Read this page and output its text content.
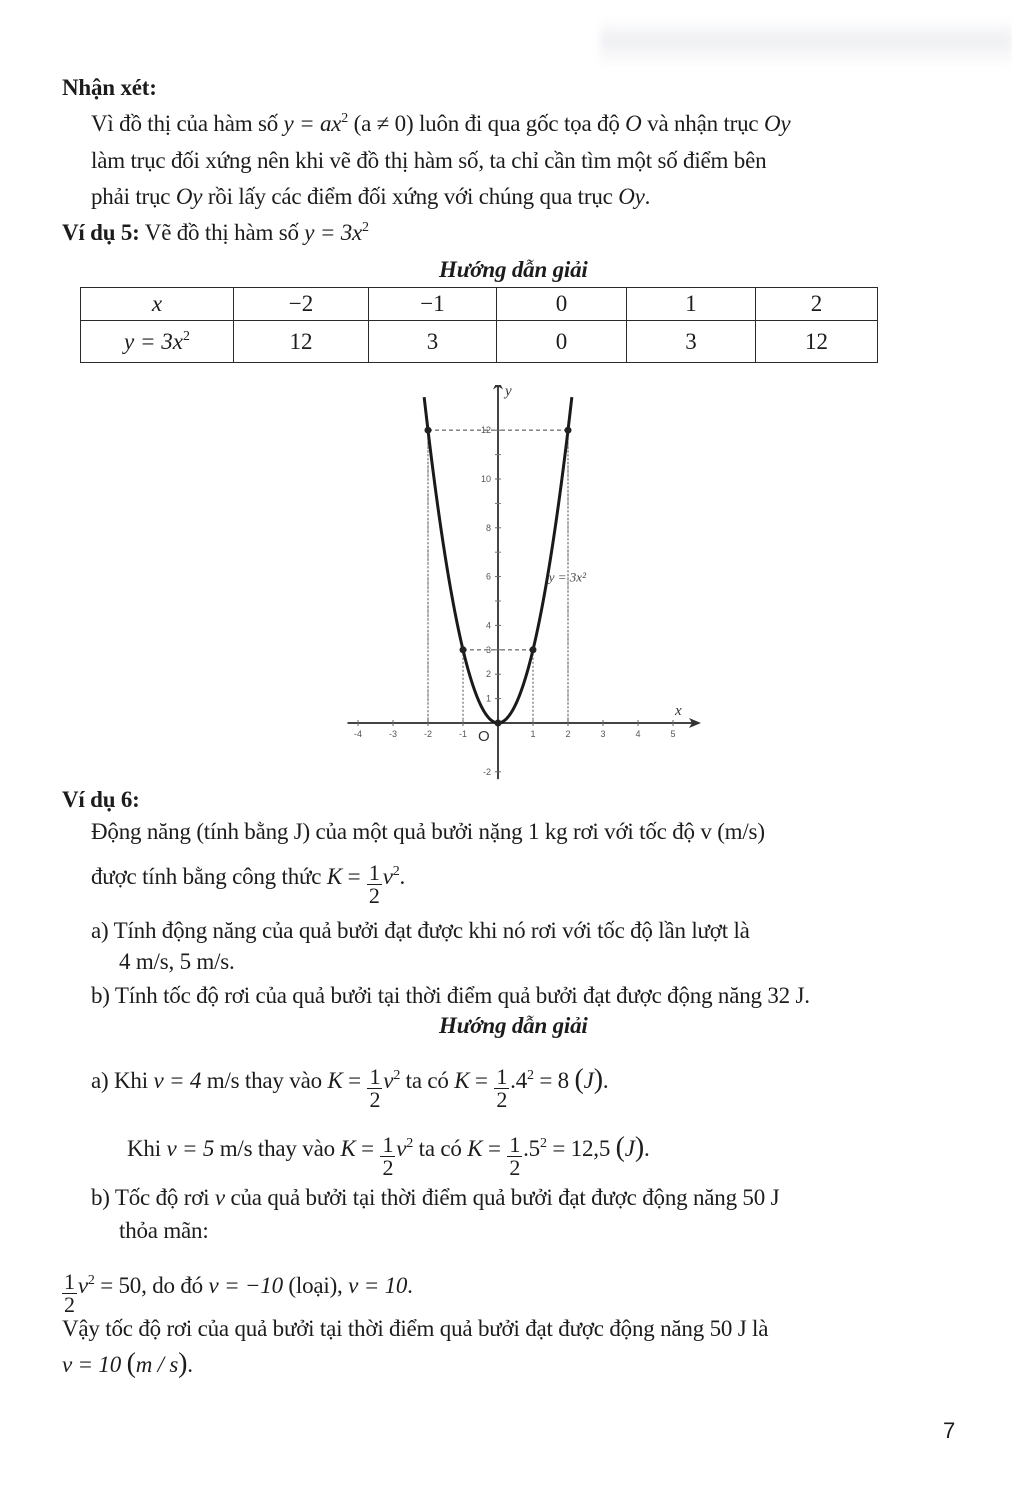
Nhận xét:
Vì đồ thị của hàm số $y = ax^2$ (a ≠ 0) luôn đi qua gốc tọa độ O và nhận trục Oy
làm trục đối xứng nên khi vẽ đồ thị hàm số, ta chỉ cần tìm một số điểm bên
phải trục Oy rồi lấy các điểm đối xứng với chúng qua trục Oy.
Ví dụ 5: Vẽ đồ thị hàm số $y = 3x^2$
Hướng dẫn giải
x	−2	−1	0	1	2
$y = 3x^2$	12	3	0	3	12
-4	-3	-2	-1	1	2	3	4	5
-2
1
2
3
4
6
8
10
12
x
y
O
y = 3x²
Ví dụ 6:
Động năng (tính bằng J) của một quả bưởi nặng 1 kg rơi với tốc độ v (m/s)
được tính bằng công thức $K = \frac{1}{2} v^2$.
a) Tính động năng của quả bưởi đạt được khi nó rơi với tốc độ lần lượt là
4 m/s, 5 m/s.
b) Tính tốc độ rơi của quả bưởi tại thời điểm quả bưởi đạt được động năng 32 J.
Hướng dẫn giải
a) Khi v = 4 m/s thay vào $K = \frac{1}{2} v^2$ ta có $K = \frac{1}{2} .4^2 = 8$ (J).
Khi v = 5 m/s thay vào $K = \frac{1}{2} v^2$ ta có $K = \frac{1}{2} .5^2 = 12,5$ (J).
b) Tốc độ rơi v của quả bưởi tại thời điểm quả bưởi đạt được động năng 50 J
thỏa mãn:
$\frac{1}{2} v^2 = 50$, do đó v = −10 (loại), v = 10.
Vậy tốc độ rơi của quả bưởi tại thời điểm quả bưởi đạt được động năng 50 J là
v = 10 (m / s).
7
